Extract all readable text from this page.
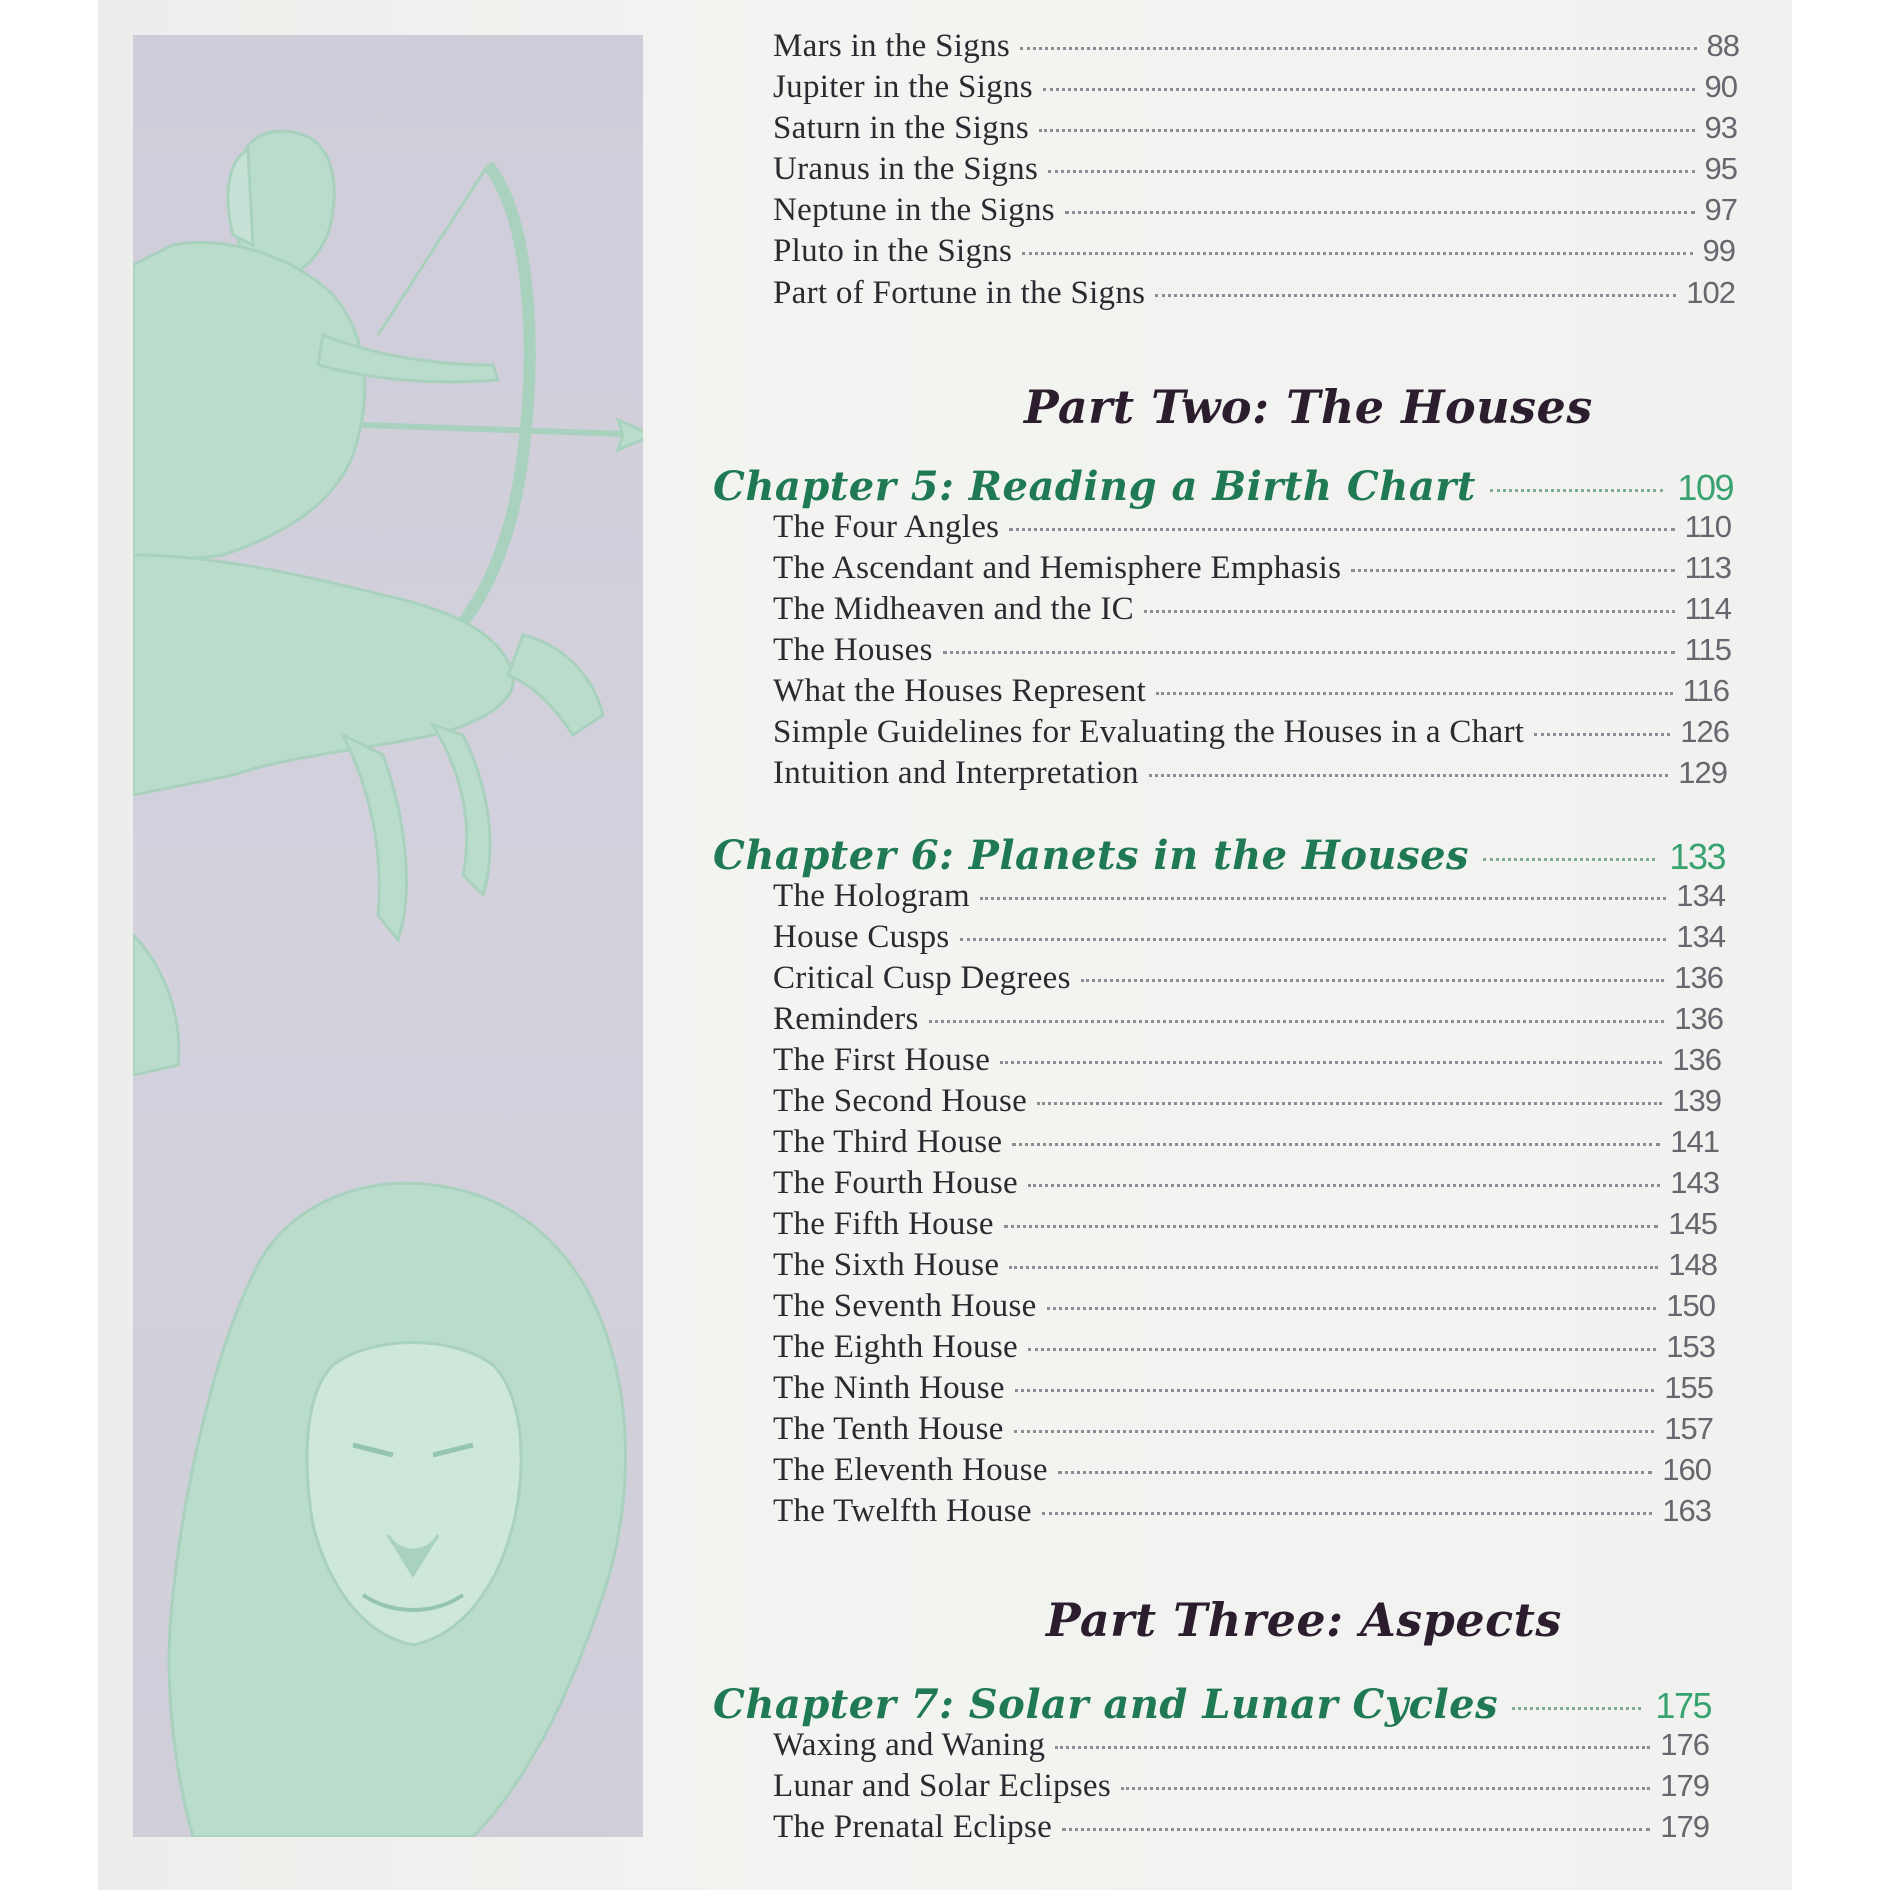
Mars in the Signs	88
Jupiter in the Signs	90
Saturn in the Signs	93
Uranus in the Signs	95
Neptune in the Signs	97
Pluto in the Signs	99
Part of Fortune in the Signs	102
Part Two: The Houses
Chapter 5: Reading a Birth Chart	109
The Four Angles	110
The Ascendant and Hemisphere Emphasis	113
The Midheaven and the IC	114
The Houses	115
What the Houses Represent	116
Simple Guidelines for Evaluating the Houses in a Chart	126
Intuition and Interpretation	129
Chapter 6: Planets in the Houses	133
The Hologram	134
House Cusps	134
Critical Cusp Degrees	136
Reminders	136
The First House	136
The Second House	139
The Third House	141
The Fourth House	143
The Fifth House	145
The Sixth House	148
The Seventh House	150
The Eighth House	153
The Ninth House	155
The Tenth House	157
The Eleventh House	160
The Twelfth House	163
Part Three: Aspects
Chapter 7: Solar and Lunar Cycles	175
Waxing and Waning	176
Lunar and Solar Eclipses	179
The Prenatal Eclipse	179
